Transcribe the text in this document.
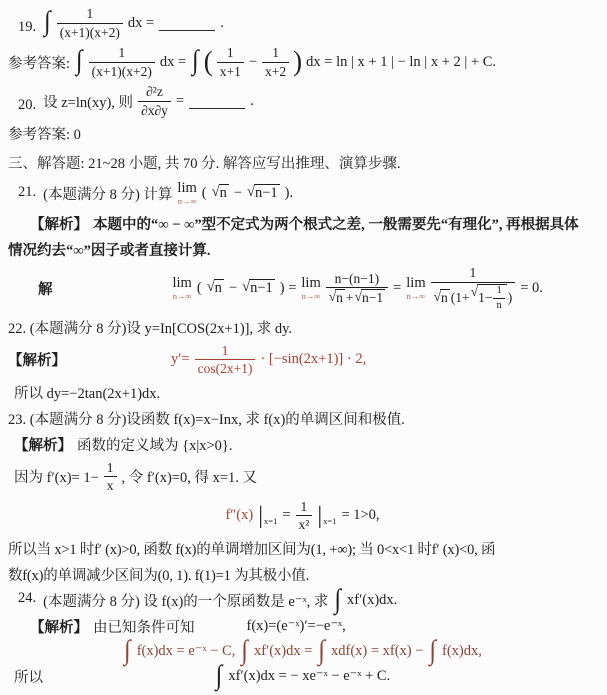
19. ∫ $\frac{1}{(x+1)(x+2)}$ dx =	.
参考答案: ∫ $\frac{1}{(x+1)(x+2)}$ dx = ∫ ( $\frac{1}{x+1} - \frac{1}{x+2}$ ) dx = ln | x + 1 | − ln | x + 2 | + C.
20. 设 z=ln(xy), 则 $\frac{\text{∂²z}}{\partial x\partial y}$ =	.
参考答案: 0
三、解答题: 21~28 小题, 共 70 分. 解答应写出推理、演算步骤.
21. (本题满分 8 分) 计算 lim
n→∞ ( √ n − √ n−1 ).
【解析】 本题中的“∞ − ∞”型不定式为两个根式之差, 一般需要先“有理化”, 再根据具体
情况约去“∞”因子或者直接计算.
解	lim
n→∞ ( √ n − √ n−1 ) = lim
$n\to\infty \frac{n-(n-1)}{√ n + √ n-1} = \lim$
$n\to\infty \frac{1}{√ n (1+ √ 1- \frac{1}{n} )} = 0$.
22. (本题满分 8 分)设 y=In[COS(2x+1)], 求 dy.
【解析】	$y'= \frac{1}{\cos(2x+1)} \cdot [-\sin(2x+1)] \cdot 2$,
所以 dy=−2tan(2x+1)dx.
23. (本题满分 8 分)设函数 f(x)=x−Inx, 求 f(x)的单调区间和极值.
【解析】 函数的定义域为 {x|x>0}.
因为 $f'(x)= 1- \frac{1}{x}$ , 令 f′(x)=0, 得 x=1. 又
f″(x) | $x=1 = \frac{1}{\text{x²}}$ | x=1 = 1>0,
所以当 x>1 时f′ (x)>0, 函数 f(x)的单调增加区间为(1, +∞); 当 0<x<1 时f′ (x)<0, 函
数f(x)的单调减少区间为(0, 1). f(1)=1 为其极小值.
24. (本题满分 8 分) 设 f(x)的一个原函数是 e⁻ˣ, 求 ∫ xf′(x)dx.
【解析】 由已知条件可知	f(x)=(e⁻ˣ)′=−e⁻ˣ,
∫ f(x)dx = e⁻ˣ − C, ∫ xf′(x)dx = ∫ xdf(x) = xf(x) − ∫ f(x)dx,
所以	∫ xf′(x)dx = − xe⁻ˣ − e⁻ˣ + C.
